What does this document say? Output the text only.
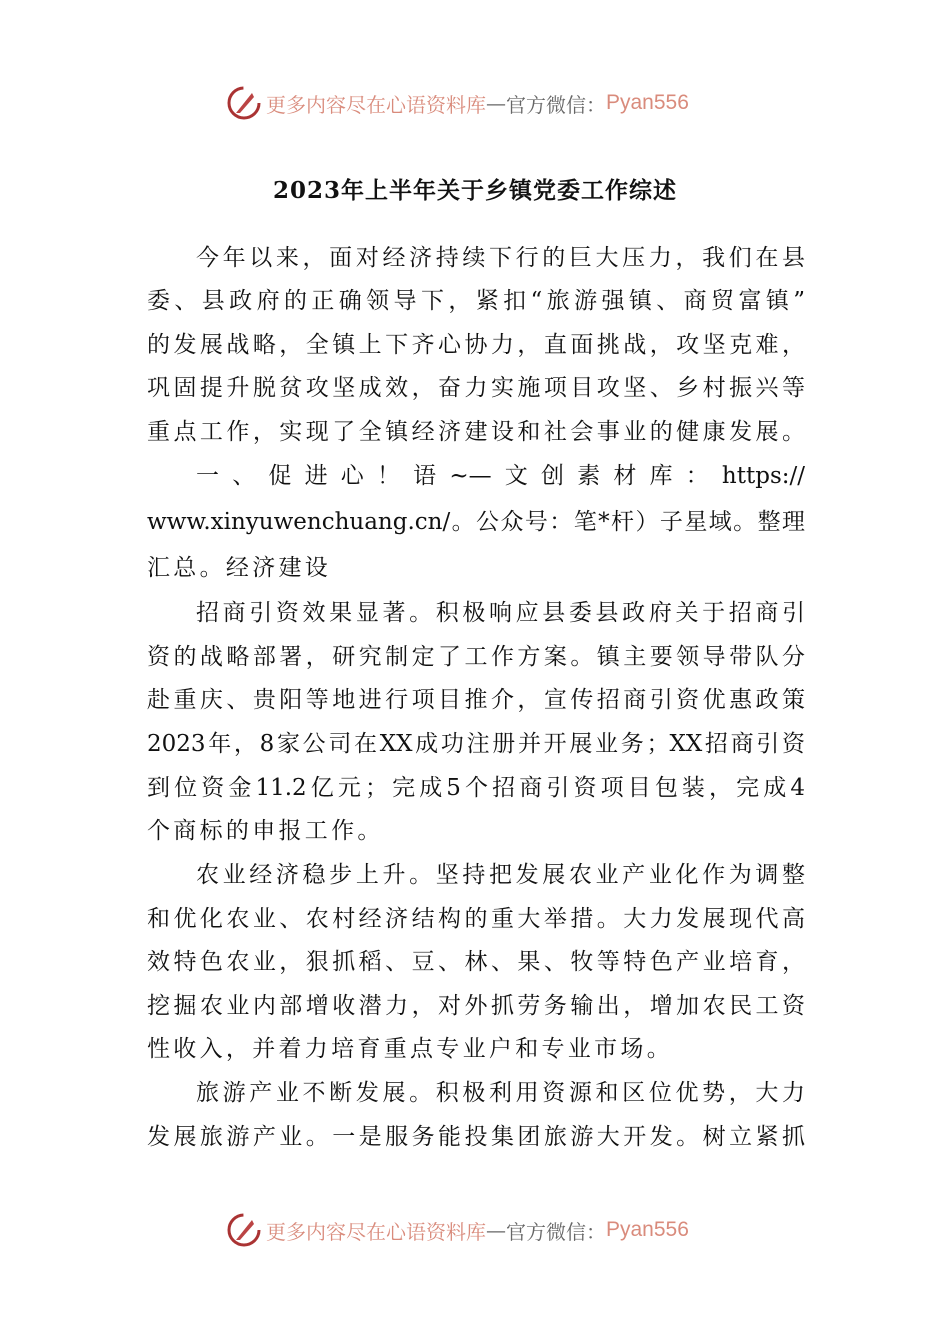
更多内容尽在心语资料库 — 官方微信： Pyan556
2023年上半年关于乡镇党委工作综述
今年以来，面对经济持续下行的巨大压力，我们在县
委、县政府的正确领导下，紧扣“旅游强镇、商贸富镇”
的发展战略，全镇上下齐心协力，直面挑战，攻坚克难，
巩固提升脱贫攻坚成效，奋力实施项目攻坚、乡村振兴等
重点工作，实现了全镇经济建设和社会事业的健康发展。
一、促进心！语~—文创素材库：https://
www.xinyuwenchuang.cn/。公众号：笔*杆）子星域。整理
汇总。经济建设
招商引资效果显著。积极响应县委县政府关于招商引
资的战略部署，研究制定了工作方案。镇主要领导带队分
赴重庆、贵阳等地进行项目推介，宣传招商引资优惠政策
2023年，8家公司在XX成功注册并开展业务；XX招商引资
到位资金11.2亿元；完成5个招商引资项目包装，完成4
个商标的申报工作。
农业经济稳步上升。坚持把发展农业产业化作为调整
和优化农业、农村经济结构的重大举措。大力发展现代高
效特色农业，狠抓稻、豆、林、果、牧等特色产业培育，
挖掘农业内部增收潜力，对外抓劳务输出，增加农民工资
性收入，并着力培育重点专业户和专业市场。
旅游产业不断发展。积极利用资源和区位优势，大力
发展旅游产业。一是服务能投集团旅游大开发。树立紧抓
更多内容尽在心语资料库 — 官方微信： Pyan556
